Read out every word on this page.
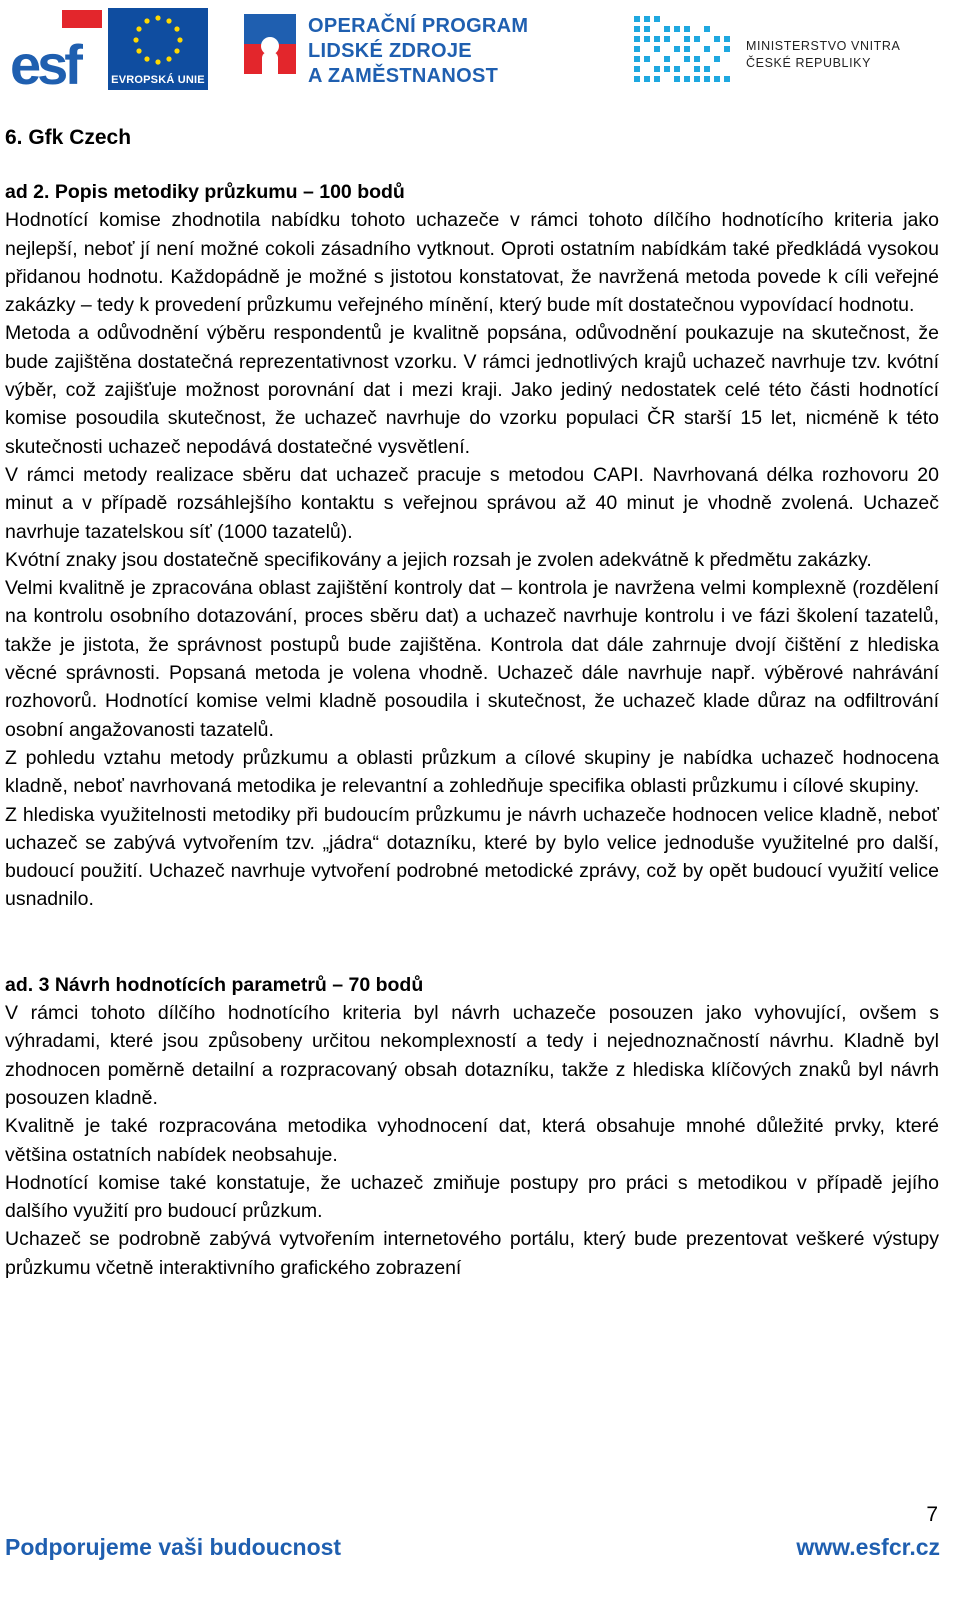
esf	EVROPSKÁ UNIE
OPERAČNÍ PROGRAM
LIDSKÉ ZDROJE
A ZAMĚSTNANOST
MINISTERSTVO VNITRA
ČESKÉ REPUBLIKY
6. Gfk Czech
ad 2. Popis metodiky průzkumu – 100 bodů

Hodnotící komise zhodnotila nabídku tohoto uchazeče v rámci tohoto dílčího hodnotícího kriteria jako nejlepší, neboť jí není možné cokoli zásadního vytknout. Oproti ostatním nabídkám také předkládá vysokou přidanou hodnotu. Každopádně je možné s jistotou konstatovat, že navržená metoda povede k cíli veřejné zakázky – tedy k provedení průzkumu veřejného mínění, který bude mít dostatečnou vypovídací hodnotu.

Metoda a odůvodnění výběru respondentů je kvalitně popsána, odůvodnění poukazuje na skutečnost, že bude zajištěna dostatečná reprezentativnost vzorku. V rámci jednotlivých krajů uchazeč navrhuje tzv. kvótní výběr, což zajišťuje možnost porovnání dat i mezi kraji. Jako jediný nedostatek celé této části hodnotící komise posoudila skutečnost, že uchazeč navrhuje do vzorku populaci ČR starší 15 let, nicméně k této skutečnosti uchazeč nepodává dostatečné vysvětlení.

V rámci metody realizace sběru dat uchazeč pracuje s metodou CAPI. Navrhovaná délka rozhovoru 20 minut a v případě rozsáhlejšího kontaktu s veřejnou správou až 40 minut je vhodně zvolená. Uchazeč navrhuje tazatelskou síť (1000 tazatelů).

Kvótní znaky jsou dostatečně specifikovány a jejich rozsah je zvolen adekvátně k předmětu zakázky.

Velmi kvalitně je zpracována oblast zajištění kontroly dat – kontrola je navržena velmi komplexně (rozdělení na kontrolu osobního dotazování, proces sběru dat) a uchazeč navrhuje kontrolu i ve fázi školení tazatelů, takže je jistota, že správnost postupů bude zajištěna. Kontrola dat dále zahrnuje dvojí čištění z hlediska věcné správnosti. Popsaná metoda je volena vhodně. Uchazeč dále navrhuje např. výběrové nahrávání rozhovorů. Hodnotící komise velmi kladně posoudila i skutečnost, že uchazeč klade důraz na odfiltrování osobní angažovanosti tazatelů.

Z pohledu vztahu metody průzkumu a oblasti průzkum a cílové skupiny je nabídka uchazeč hodnocena kladně, neboť navrhovaná metodika je relevantní a zohledňuje specifika oblasti průzkumu i cílové skupiny.

Z hlediska využitelnosti metodiky při budoucím průzkumu je návrh uchazeče hodnocen velice kladně, neboť uchazeč se zabývá vytvořením tzv. „jádra“ dotazníku, které by bylo velice jednoduše využitelné pro další, budoucí použití. Uchazeč navrhuje vytvoření podrobné metodické zprávy, což by opět budoucí využití velice usnadnilo.

ad. 3 Návrh hodnotících parametrů – 70 bodů

V rámci tohoto dílčího hodnotícího kriteria byl návrh uchazeče posouzen jako vyhovující, ovšem s výhradami, které jsou způsobeny určitou nekomplexností a tedy i nejednoznačností návrhu. Kladně byl zhodnocen poměrně detailní a rozpracovaný obsah dotazníku, takže z hlediska klíčových znaků byl návrh posouzen kladně.

Kvalitně je také rozpracována metodika vyhodnocení dat, která obsahuje mnohé důležité prvky, které většina ostatních nabídek neobsahuje.

Hodnotící komise také konstatuje, že uchazeč zmiňuje postupy pro práci s metodikou v případě jejího dalšího využití pro budoucí průzkum.

Uchazeč se podrobně zabývá vytvořením internetového portálu, který bude prezentovat veškeré výstupy průzkumu včetně interaktivního grafického zobrazení

7
Podporujeme vaši budoucnost	www.esfcr.cz
